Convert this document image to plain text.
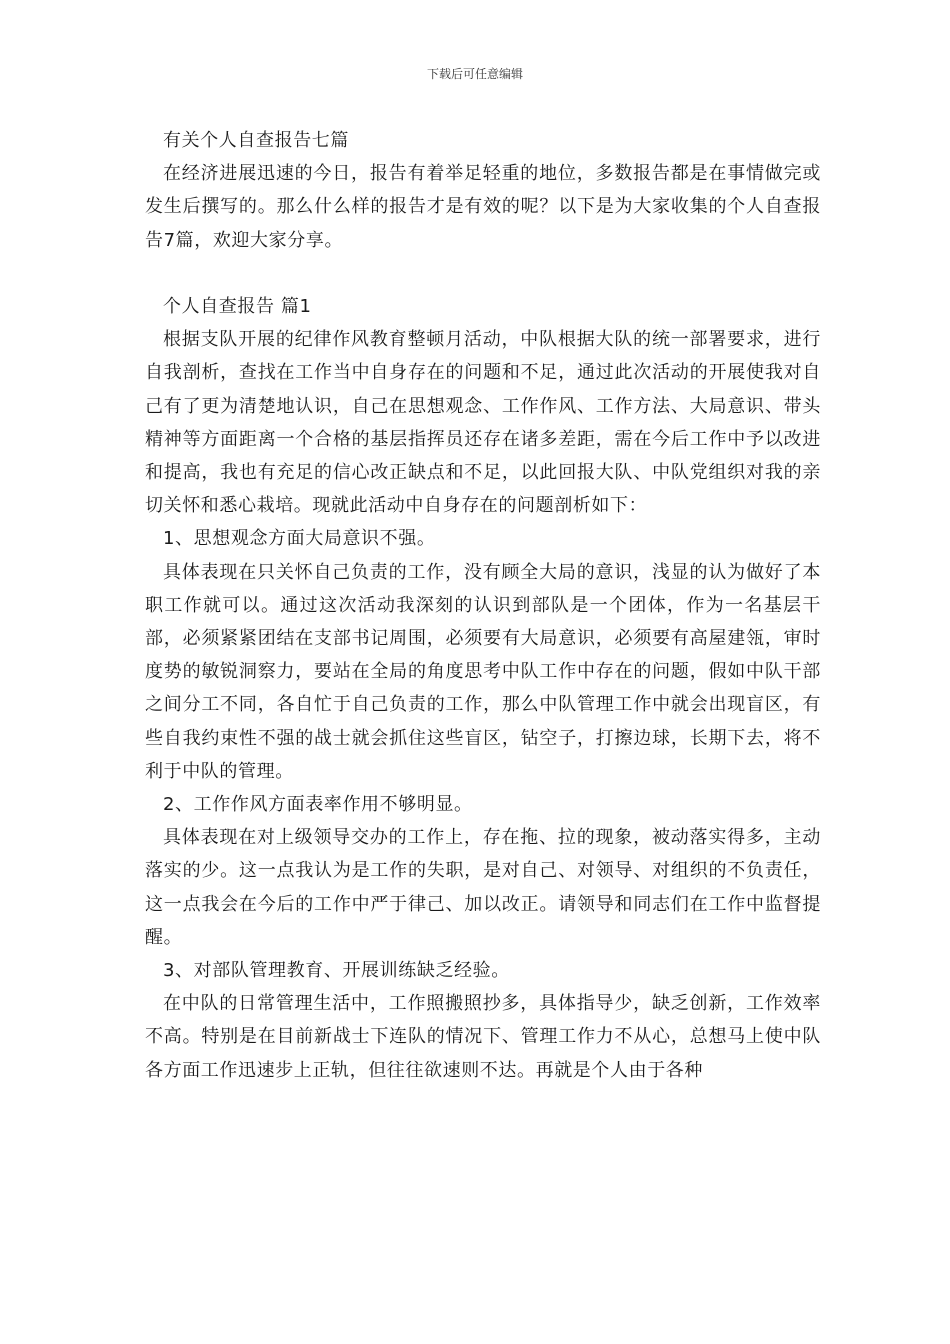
下载后可任意编辑

有关个人自查报告七篇

在经济进展迅速的今日，报告有着举足轻重的地位，多数报告都是在事情做完或发生后撰写的。那么什么样的报告才是有效的呢？以下是为大家收集的个人自查报告7篇，欢迎大家分享。

个人自查报告 篇1

根据支队开展的纪律作风教育整顿月活动，中队根据大队的统一部署要求，进行自我剖析，查找在工作当中自身存在的问题和不足，通过此次活动的开展使我对自己有了更为清楚地认识，自己在思想观念、工作作风、工作方法、大局意识、带头精神等方面距离一个合格的基层指挥员还存在诸多差距，需在今后工作中予以改进和提高，我也有充足的信心改正缺点和不足，以此回报大队、中队党组织对我的亲切关怀和悉心栽培。现就此活动中自身存在的问题剖析如下：

1、思想观念方面大局意识不强。

具体表现在只关怀自己负责的工作，没有顾全大局的意识，浅显的认为做好了本职工作就可以。通过这次活动我深刻的认识到部队是一个团体，作为一名基层干部，必须紧紧团结在支部书记周围，必须要有大局意识，必须要有高屋建瓴，审时度势的敏锐洞察力，要站在全局的角度思考中队工作中存在的问题，假如中队干部之间分工不同，各自忙于自己负责的工作，那么中队管理工作中就会出现盲区，有些自我约束性不强的战士就会抓住这些盲区，钻空子，打擦边球，长期下去，将不利于中队的管理。

2、工作作风方面表率作用不够明显。

具体表现在对上级领导交办的工作上，存在拖、拉的现象，被动落实得多，主动落实的少。这一点我认为是工作的失职，是对自己、对领导、对组织的不负责任，这一点我会在今后的工作中严于律己、加以改正。请领导和同志们在工作中监督提醒。

3、对部队管理教育、开展训练缺乏经验。

在中队的日常管理生活中，工作照搬照抄多，具体指导少，缺乏创新，工作效率不高。特别是在目前新战士下连队的情况下、管理工作力不从心，总想马上使中队各方面工作迅速步上正轨，但往往欲速则不达。再就是个人由于各种
